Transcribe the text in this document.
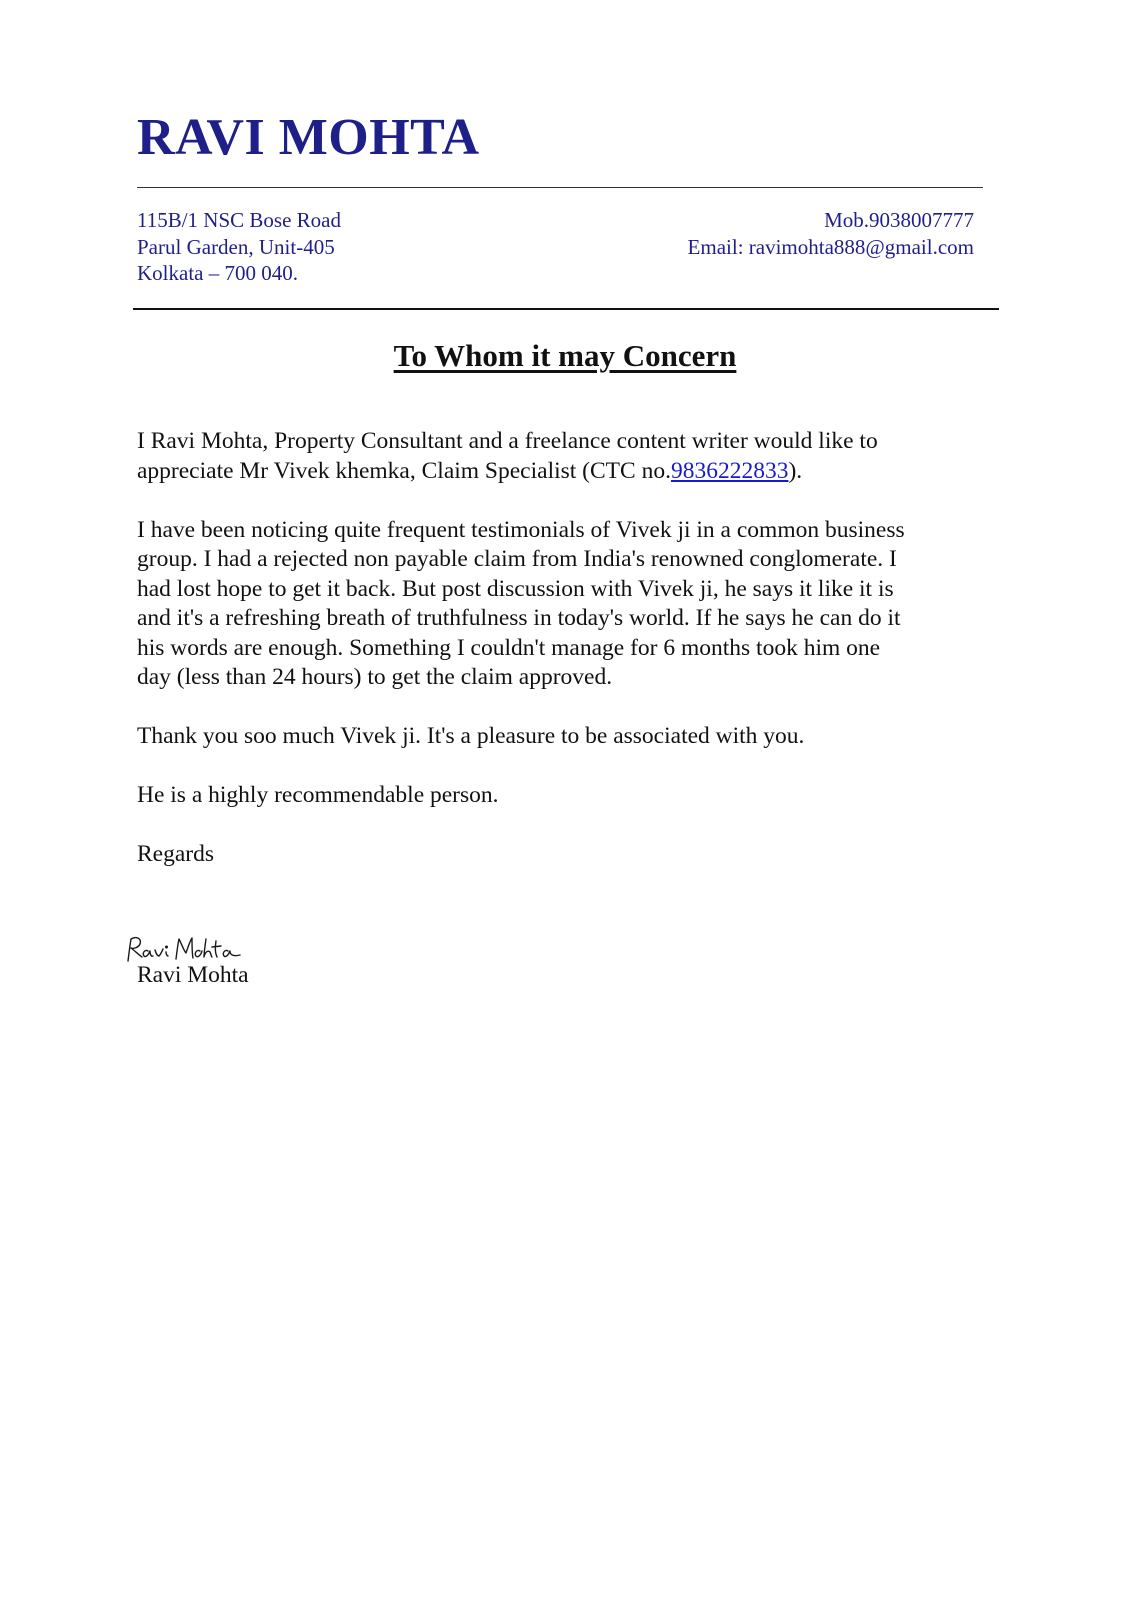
RAVI MOHTA
115B/1 NSC Bose Road
Parul Garden, Unit-405
Kolkata – 700 040.
Mob.9038007777
Email: ravimohta888@gmail.com
To Whom it may Concern

I Ravi Mohta, Property Consultant and a freelance content writer would like to
appreciate Mr Vivek khemka, Claim Specialist (CTC no.9836222833).

I have been noticing quite frequent testimonials of Vivek ji in a common business
group. I had a rejected non payable claim from India's renowned conglomerate. I
had lost hope to get it back. But post discussion with Vivek ji, he says it like it is
and it's a refreshing breath of truthfulness in today's world. If he says he can do it
his words are enough. Something I couldn't manage for 6 months took him one
day (less than 24 hours) to get the claim approved.

Thank you soo much Vivek ji. It's a pleasure to be associated with you.

He is a highly recommendable person.

Regards

Ravi Mohta
